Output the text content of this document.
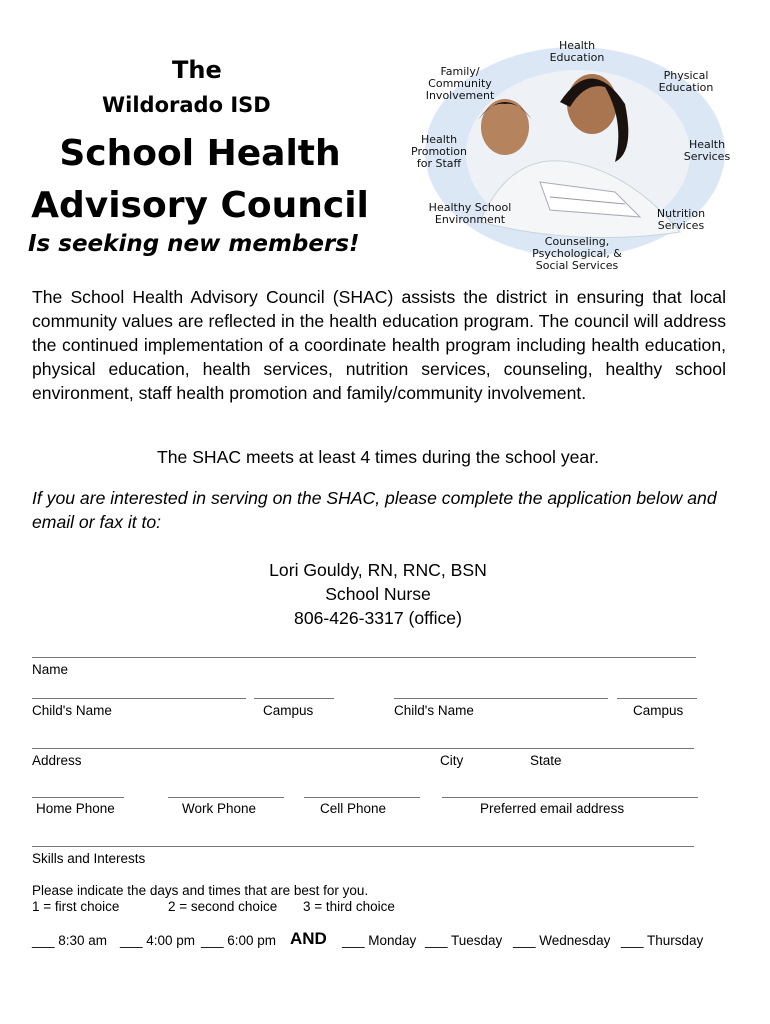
The
Wildorado ISD
School Health
Advisory Council
Is seeking new members!
Health Education
Family/ Community Involvement
Physical Education
Health Promotion for Staff
Health Services
Healthy School Environment	Nutrition Services
Counseling, Psychological, & Social Services
The School Health Advisory Council (SHAC) assists the district in ensuring that local community values are reflected in the health education program. The council will address the continued implementation of a coordinate health program including health education, physical education, health services, nutrition services, counseling, healthy school environment, staff health promotion and family/community involvement.
The SHAC meets at least 4 times during the school year.
If you are interested in serving on the SHAC, please complete the application below and email or fax it to:
Lori Gouldy, RN, RNC, BSN
School Nurse
806-426-3317 (office)
Name
Child's Name	Campus	Child's Name	Campus
Address	City	State
Home Phone	Work Phone	Cell Phone	Preferred email address
Skills and Interests
Please indicate the days and times that are best for you.
1 = first choice	2 = second choice 3 = third choice
___ 8:30 am ___ 4:00 pm ___ 6:00 pm AND ___ Monday ___ Tuesday ___ Wednesday ___ Thursday
